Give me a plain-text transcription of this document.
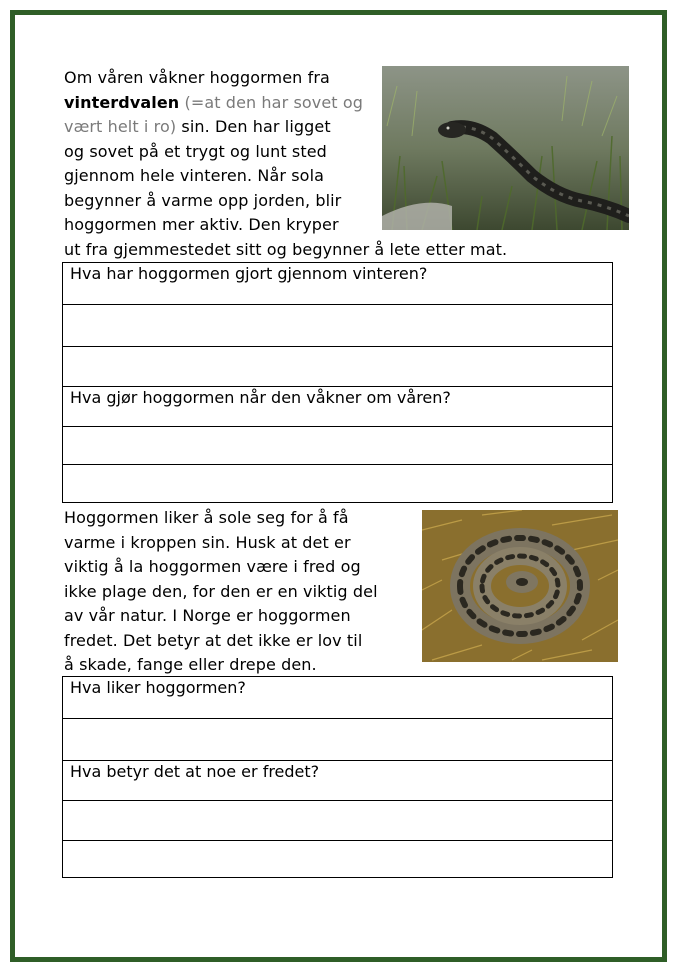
Om våren våkner hoggormen fra
vinterdvalen (=at den har sovet og
vært helt i ro) sin. Den har ligget
og sovet på et trygt og lunt sted
gjennom hele vinteren. Når sola
begynner å varme opp jorden, blir
hoggormen mer aktiv. Den kryper
ut fra gjemmestedet sitt og begynner å lete etter mat.
Hva har hoggormen gjort gjennom vinteren?

Hva gjør hoggormen når den våkner om våren?

Hoggormen liker å sole seg for å få
varme i kroppen sin. Husk at det er
viktig å la hoggormen være i fred og
ikke plage den, for den er en viktig del
av vår natur. I Norge er hoggormen
fredet. Det betyr at det ikke er lov til
å skade, fange eller drepe den.
Hva liker hoggormen?

Hva betyr det at noe er fredet?
